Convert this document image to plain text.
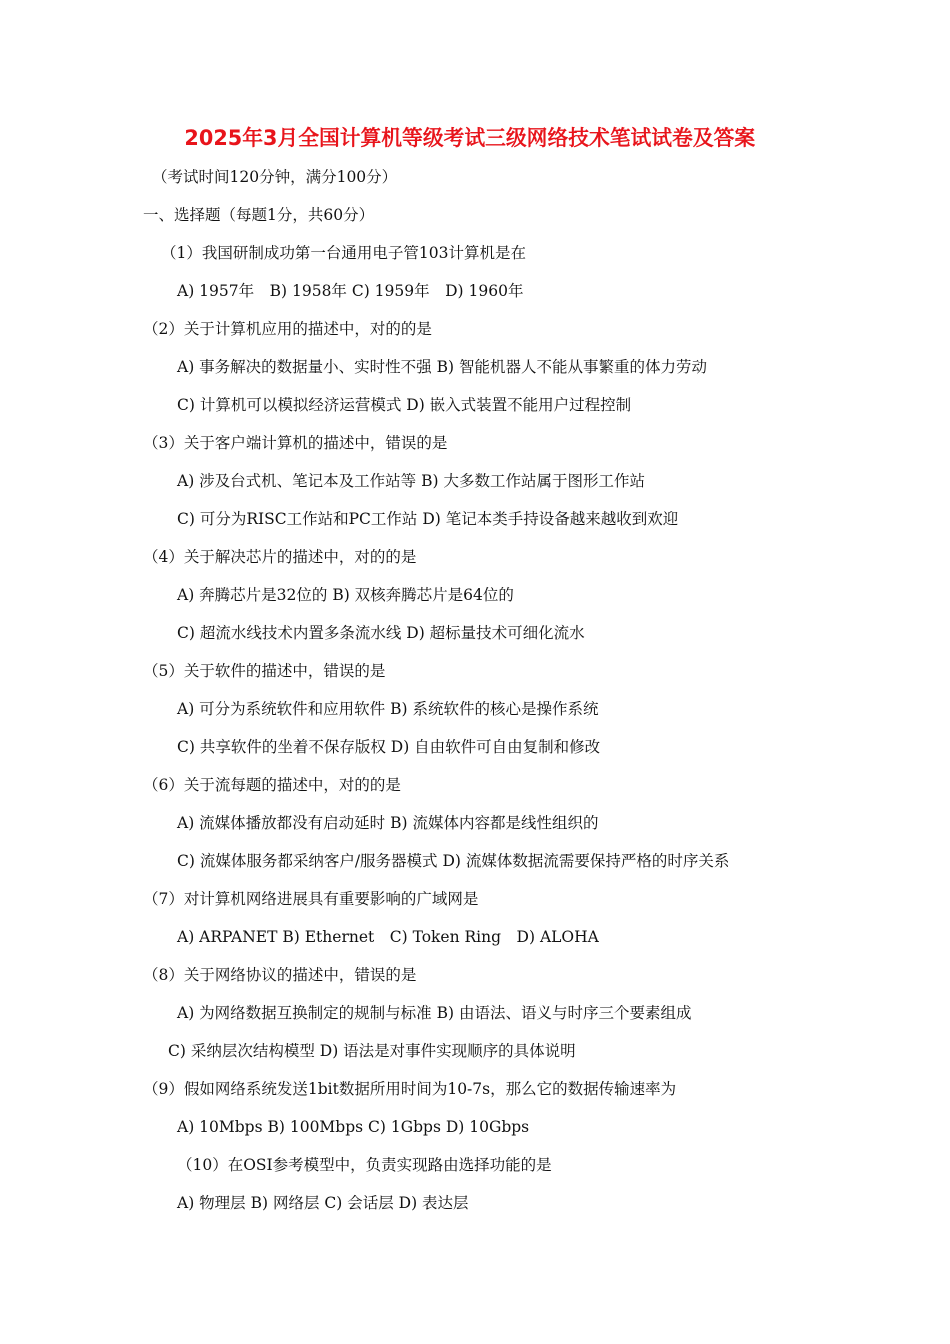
2025年3月全国计算机等级考试三级网络技术笔试试卷及答案
（考试时间120分钟，满分100分）
一、选择题（每题1分，共60分）
（1）我国研制成功第一台通用电子管103计算机是在
A) 1957年　B) 1958年 C) 1959年　D) 1960年
（2）关于计算机应用的描述中，对的的是
A) 事务解决的数据量小、实时性不强 B) 智能机器人不能从事繁重的体力劳动
C) 计算机可以模拟经济运营模式 D) 嵌入式装置不能用户过程控制
（3）关于客户端计算机的描述中，错误的是
A) 涉及台式机、笔记本及工作站等 B) 大多数工作站属于图形工作站
C) 可分为RISC工作站和PC工作站 D) 笔记本类手持设备越来越收到欢迎
（4）关于解决芯片的描述中，对的的是
A) 奔腾芯片是32位的 B) 双核奔腾芯片是64位的
C) 超流水线技术内置多条流水线 D) 超标量技术可细化流水
（5）关于软件的描述中，错误的是
A) 可分为系统软件和应用软件 B) 系统软件的核心是操作系统
C) 共享软件的坐着不保存版权 D) 自由软件可自由复制和修改
（6）关于流每题的描述中，对的的是
A) 流媒体播放都没有启动延时 B) 流媒体内容都是线性组织的
C) 流媒体服务都采纳客户/服务器模式 D) 流媒体数据流需要保持严格的时序关系
（7）对计算机网络进展具有重要影响的广域网是
A) ARPANET B) Ethernet　C) Token Ring　D) ALOHA
（8）关于网络协议的描述中，错误的是
A) 为网络数据互换制定的规制与标准 B) 由语法、语义与时序三个要素组成
C) 采纳层次结构模型 D) 语法是对事件实现顺序的具体说明
（9）假如网络系统发送1bit数据所用时间为10-7s，那么它的数据传输速率为
A) 10Mbps B) 100Mbps C) 1Gbps D) 10Gbps
（10）在OSI参考模型中，负责实现路由选择功能的是
A) 物理层 B) 网络层 C) 会话层 D) 表达层
